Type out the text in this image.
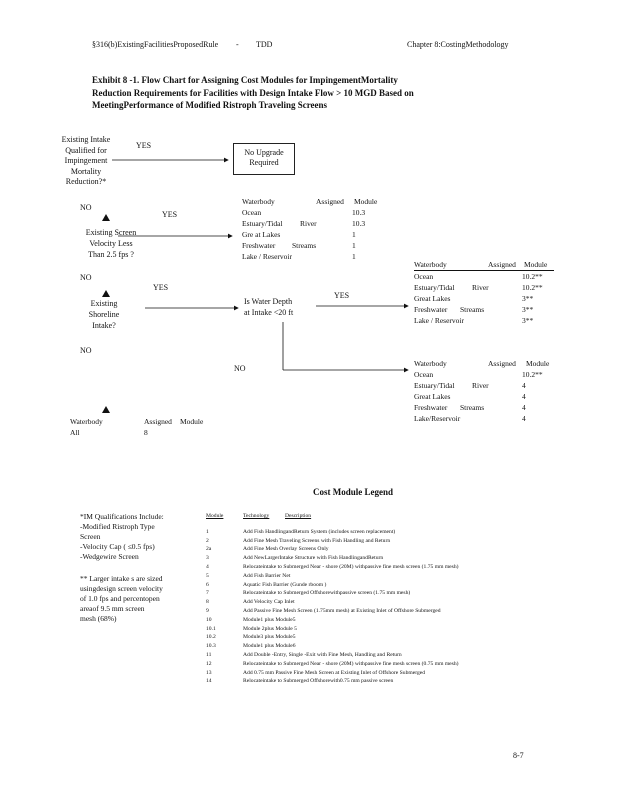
§316(b)ExistingFacilitiesProposedRule - TDD	Chapter 8:CostingMethodology
Exhibit 8 -1. Flow Chart for Assigning Cost Modules for ImpingementMortality
Reduction Requirements for Facilities with Design Intake Flow > 10 MGD Based on
MeetingPerformance of Modified Ristroph Traveling Screens
Existing Intake
Qualified for
Impingement
Mortality
Reduction?*
YES
No Upgrade
Required
NO
YES
Existing Screen
Velocity Less
Than 2.5 fps ?
Waterbody	Assigned Module
Ocean	10.3
Estuary/Tidal River	10.3
Gre at Lakes	1
Freshwater Streams	1
Lake / Reservoir	1
NO
YES
Existing
Shoreline
Intake?
Is Water Depth
at Intake <20 ft
YES
Waterbody	Assigned Module
Ocean	10.2**
Estuary/Tidal River	10.2**
Great Lakes	3**
Freshwater Streams	3**
Lake / Reservoir	3**
NO
NO
Waterbody	Assigned Module
Ocean	10.2**
Estuary/Tidal River	4
Great Lakes	4
Freshwater Streams	4
Lake/Reservoir	4
Waterbody	Assigned Module
All	8
Cost Module Legend
*IM Qualifications Include:
-Modified Ristroph Type
Screen
-Velocity Cap ( ≤0.5 fps)
-Wedgewire Screen
** Larger intake s are sized
usingdesign screen velocity
of 1.0 fps and percentopen
areaof 9.5 mm screen
mesh (68%)
Module	Technology	Description
1	Add Fish HandlingandReturn System (includes screen replacement)
2	Add Fine Mesh Traveling Screens with Fish Handling and Return
2a	Add Fine Mesh Overlay Screens Only
3	Add NewLargerIntake Structure with Fish HandlingandReturn
4	Relocateintake to Submerged Near - shore (20M) withpassive fine mesh screen (1.75 mm mesh)
5	Add Fish Barrier Net
6	Aquatic Fish Barrier (Gunde rboom )
7	Relocateintake to Submerged Offshorewithpassive screen (1.75 mm mesh)
8	Add Velocity Cap Inlet
9	Add Passive Fine Mesh Screen (1.75mm mesh) at Existing Inlet of Offshore Submerged
10	Module1 plus Module5
10.1	Module 2plus Module 5
10.2	Module3 plus Module5
10.3	Module1 plus Module6
11	Add Double -Entry, Single -Exit with Fine Mesh, Handling and Return
12	Relocateintake to Submerged Near - shore (20M) withpassive fine mesh screen (0.75 mm mesh)
13	Add 0.75 mm Passive Fine Mesh Screen at Existing Inlet of Offshore Submerged
14	Relocateintake to Submerged Offshorewith0.75 mm passive screen
8-7
